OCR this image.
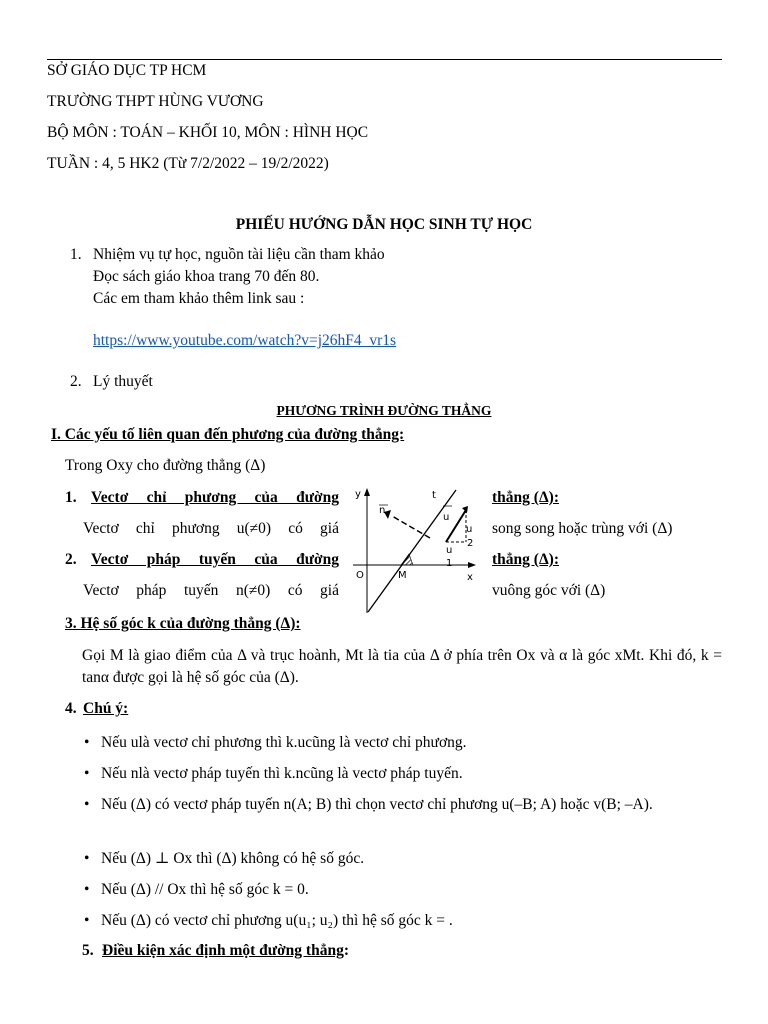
SỞ GIÁO DỤC TP HCM
TRƯỜNG THPT HÙNG VƯƠNG
BỘ MÔN : TOÁN – KHỐI 10, MÔN : HÌNH HỌC
TUẦN : 4, 5 HK2 (Từ 7/2/2022 – 19/2/2022)
PHIẾU HƯỚNG DẪN HỌC SINH TỰ HỌC
1. Nhiệm vụ tự học, nguồn tài liệu cần tham khảo
Đọc sách giáo khoa trang 70 đến 80.
Các em tham khảo thêm link sau :
https://www.youtube.com/watch?v=j26hF4_vr1s
2. Lý thuyết
PHƯƠNG TRÌNH ĐƯỜNG THẲNG
I. Các yếu tố liên quan đến phương của đường thẳng:
Trong Oxy cho đường thẳng (Δ)
1. Vectơ chỉ phương của đường	thẳng (Δ):
Vectơ chỉ phương u(≠0) có giá	song song hoặc trùng với (Δ)
2. Vectơ pháp tuyến của đường	thẳng (Δ):
Vectơ pháp tuyến n(≠0) có giá	vuông góc với (Δ)
y	t
n
u
u
2
u
1
O	M	x
3. Hệ số góc k của đường thẳng (Δ):
Gọi M là giao điểm của Δ và trục hoành, Mt là tia của Δ ở phía trên Ox và α là góc xMt. Khi đó, k = tanα được gọi là hệ số góc của (Δ).
4. Chú ý:
• Nếu ulà vectơ chỉ phương thì k.ucũng là vectơ chỉ phương.
• Nếu nlà vectơ pháp tuyến thì k.ncũng là vectơ pháp tuyến.
• Nếu (Δ) có vectơ pháp tuyến n(A; B) thì chọn vectơ chỉ phương u(–B; A) hoặc v(B; –A).
• Nếu (Δ) ⊥ Ox thì (Δ) không có hệ số góc.
• Nếu (Δ) // Ox thì hệ số góc k = 0.
• Nếu (Δ) có vectơ chỉ phương u(u₁; u₂) thì hệ số góc k = .
5. Điều kiện xác định một đường thẳng:
